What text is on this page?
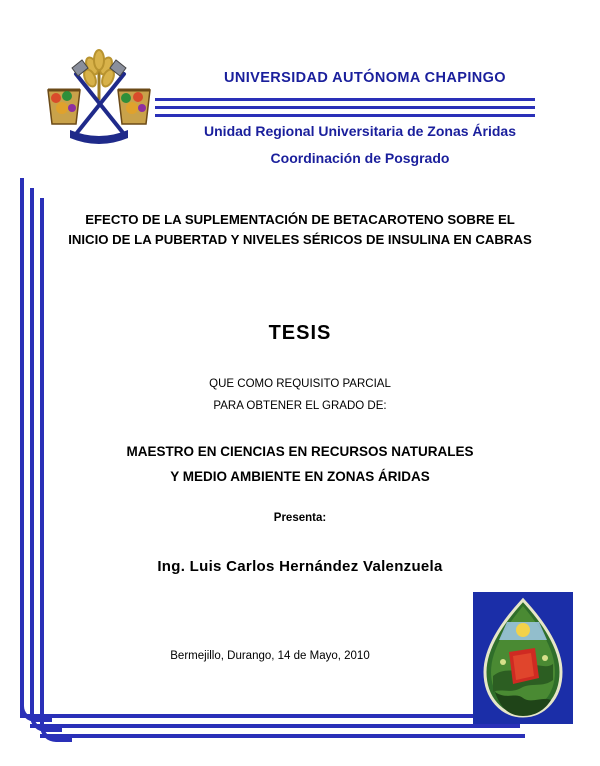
UNIVERSIDAD AUTÓNOMA CHAPINGO
Unidad Regional Universitaria de Zonas Áridas
Coordinación de Posgrado
EFECTO DE LA SUPLEMENTACIÓN DE BETACAROTENO SOBRE EL
INICIO DE LA PUBERTAD Y NIVELES SÉRICOS DE INSULINA EN CABRAS
TESIS
QUE COMO REQUISITO PARCIAL
PARA OBTENER EL GRADO DE:
MAESTRO EN CIENCIAS EN RECURSOS NATURALES
Y MEDIO AMBIENTE EN ZONAS ÁRIDAS
Presenta:
Ing. Luis Carlos Hernández Valenzuela
Bermejillo, Durango, 14 de Mayo, 2010
